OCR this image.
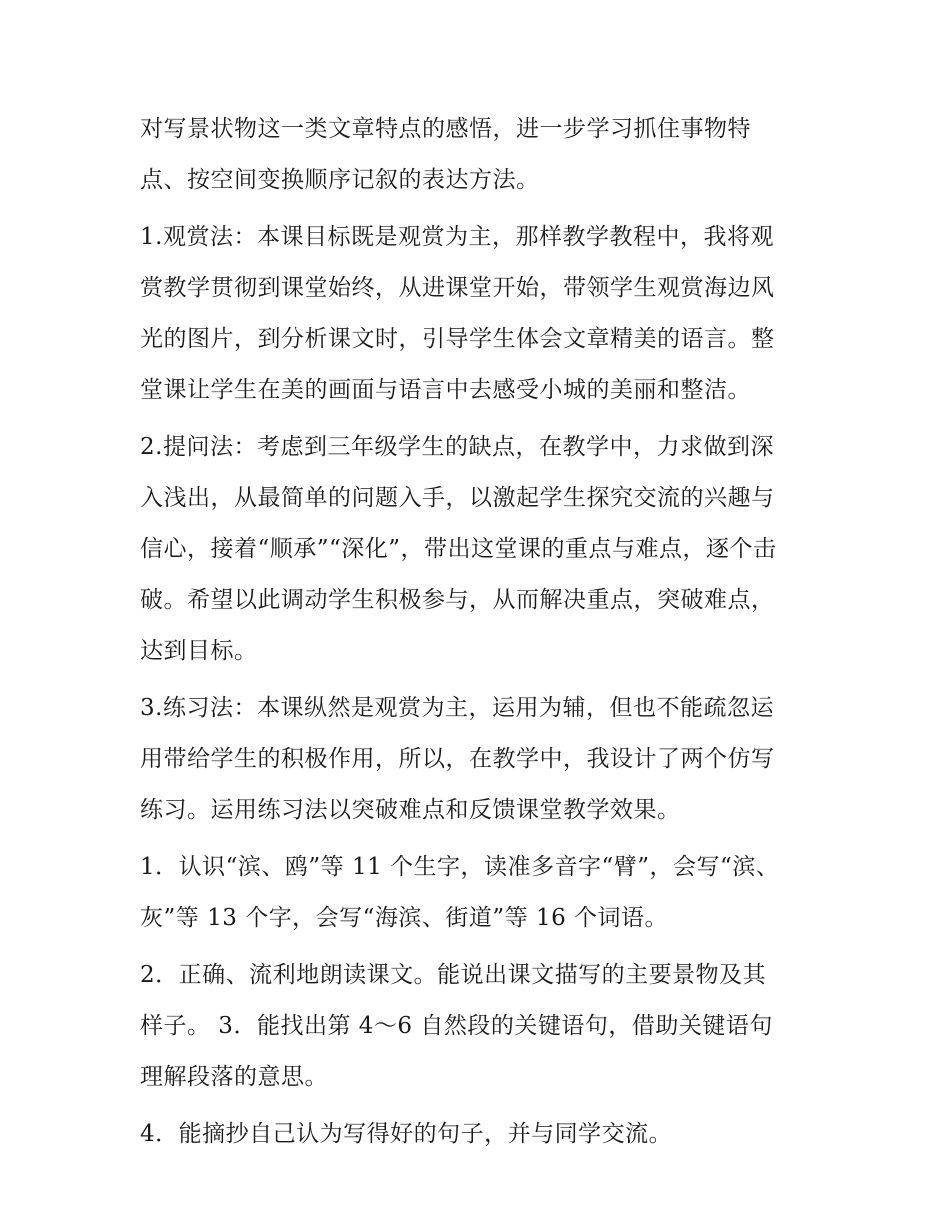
对写景状物这一类文章特点的感悟，进一步学习抓住事物特
点、按空间变换顺序记叙的表达方法。
1.观赏法：本课目标既是观赏为主，那样教学教程中，我将观
赏教学贯彻到课堂始终，从进课堂开始，带领学生观赏海边风
光的图片，到分析课文时，引导学生体会文章精美的语言。整
堂课让学生在美的画面与语言中去感受小城的美丽和整洁。
2.提问法：考虑到三年级学生的缺点，在教学中，力求做到深
入浅出，从最简单的问题入手，以激起学生探究交流的兴趣与
信心，接着“顺承”“深化”，带出这堂课的重点与难点，逐个击
破。希望以此调动学生积极参与，从而解决重点，突破难点，
达到目标。
3.练习法：本课纵然是观赏为主，运用为辅，但也不能疏忽运
用带给学生的积极作用，所以，在教学中，我设计了两个仿写
练习。运用练习法以突破难点和反馈课堂教学效果。
1．认识“滨、鸥”等 11 个生字，读准多音字“臂”，会写“滨、
灰”等 13 个字，会写“海滨、街道”等 16 个词语。
2．正确、流利地朗读课文。能说出课文描写的主要景物及其
样子。 3．能找出第 4～6 自然段的关键语句，借助关键语句
理解段落的意思。
4．能摘抄自己认为写得好的句子，并与同学交流。
